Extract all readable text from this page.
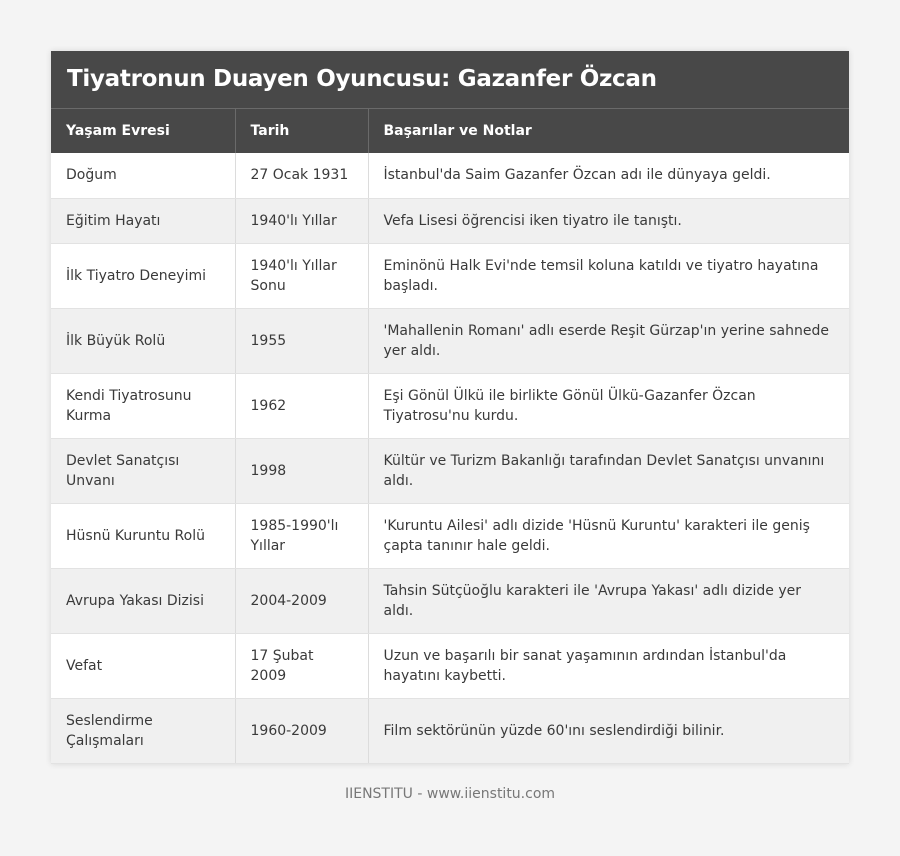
Tiyatronun Duayen Oyuncusu: Gazanfer Özcan
Yaşam Evresi	Tarih	Başarılar ve Notlar
Doğum	27 Ocak 1931	İstanbul'da Saim Gazanfer Özcan adı ile dünyaya geldi.
Eğitim Hayatı	1940'lı Yıllar	Vefa Lisesi öğrencisi iken tiyatro ile tanıştı.
İlk Tiyatro Deneyimi	1940'lı Yıllar Sonu	Eminönü Halk Evi'nde temsil koluna katıldı ve tiyatro hayatına başladı.
İlk Büyük Rolü	1955	'Mahallenin Romanı' adlı eserde Reşit Gürzap'ın yerine sahnede yer aldı.
Kendi Tiyatrosunu Kurma	1962	Eşi Gönül Ülkü ile birlikte Gönül Ülkü-Gazanfer Özcan Tiyatrosu'nu kurdu.
Devlet Sanatçısı Unvanı	1998	Kültür ve Turizm Bakanlığı tarafından Devlet Sanatçısı unvanını aldı.
Hüsnü Kuruntu Rolü	1985-1990'lı Yıllar	'Kuruntu Ailesi' adlı dizide 'Hüsnü Kuruntu' karakteri ile geniş çapta tanınır hale geldi.
Avrupa Yakası Dizisi	2004-2009	Tahsin Sütçüoğlu karakteri ile 'Avrupa Yakası' adlı dizide yer aldı.
Vefat	17 Şubat 2009	Uzun ve başarılı bir sanat yaşamının ardından İstanbul'da hayatını kaybetti.
Seslendirme Çalışmaları	1960-2009	Film sektörünün yüzde 60'ını seslendirdiği bilinir.
IIENSTITU - www.iienstitu.com
